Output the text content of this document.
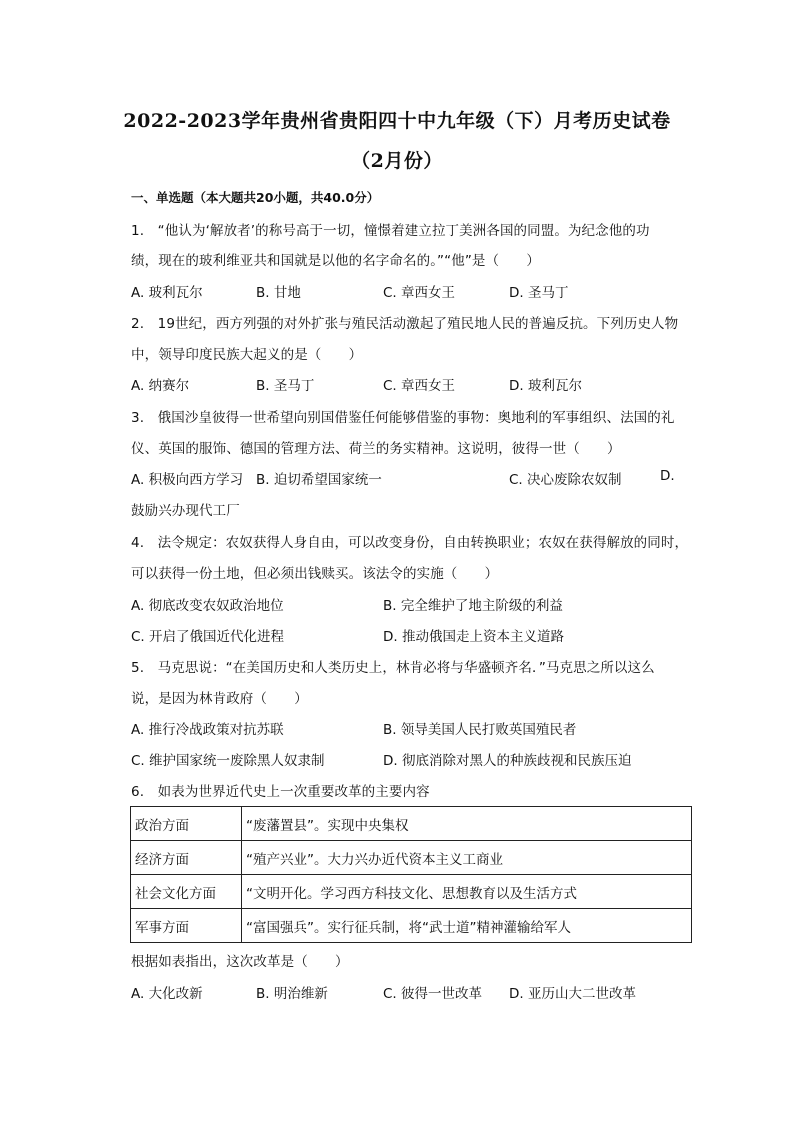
2022-2023学年贵州省贵阳四十中九年级（下）月考历史试卷
（2月份）
一、单选题（本大题共20小题，共40.0分）
1.　“他认为‘解放者’的称号高于一切，憧憬着建立拉丁美洲各国的同盟。为纪念他的功
绩，现在的玻利维亚共和国就是以他的名字命名的。”“他”是（　　）
A. 玻利瓦尔	B. 甘地	C. 章西女王	D. 圣马丁
2.　19世纪，西方列强的对外扩张与殖民活动激起了殖民地人民的普遍反抗。下列历史人物
中，领导印度民族大起义的是（　　）
A. 纳赛尔	B. 圣马丁	C. 章西女王	D. 玻利瓦尔
3.　俄国沙皇彼得一世希望向别国借鉴任何能够借鉴的事物：奥地利的军事组织、法国的礼
仪、英国的服饰、德国的管理方法、荷兰的务实精神。这说明，彼得一世（　　）
A. 积极向西方学习 B. 迫切希望国家统一	C. 决心废除农奴制	D.
鼓励兴办现代工厂
4.　法令规定：农奴获得人身自由，可以改变身份，自由转换职业；农奴在获得解放的同时，
可以获得一份土地，但必须出钱赎买。该法令的实施（　　）
A. 彻底改变农奴政治地位	B. 完全维护了地主阶级的利益
C. 开启了俄国近代化进程	D. 推动俄国走上资本主义道路
5.　马克思说：“在美国历史和人类历史上，林肯必将与华盛顿齐名．”马克思之所以这么
说，是因为林肯政府（　　）
A. 推行冷战政策对抗苏联	B. 领导美国人民打败英国殖民者
C. 维护国家统一废除黑人奴隶制	D. 彻底消除对黑人的种族歧视和民族压迫
6.　如表为世界近代史上一次重要改革的主要内容
政治方面	“废藩置县”。实现中央集权
经济方面	“殖产兴业”。大力兴办近代资本主义工商业
社会文化方面	“文明开化。学习西方科技文化、思想教育以及生活方式
军事方面	“富国强兵”。实行征兵制，将“武士道”精神灌输给军人
根据如表指出，这次改革是（　　）
A. 大化改新	B. 明治维新	C. 彼得一世改革 D. 亚历山大二世改革
